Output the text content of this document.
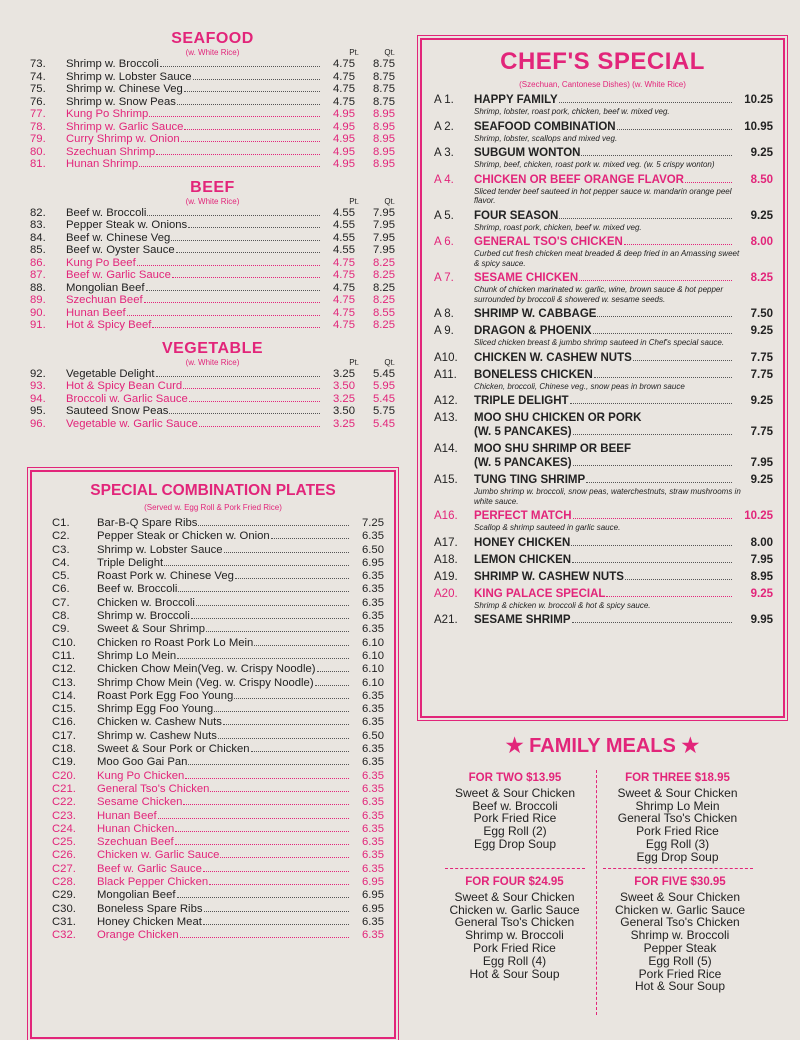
SEAFOOD
(w. White Rice)	Pt.	Qt.
73.	Shrimp w. Broccoli	4.75	8.75
74.	Shrimp w. Lobster Sauce	4.75	8.75
75.	Shrimp w. Chinese Veg	4.75	8.75
76.	Shrimp w. Snow Peas	4.75	8.75
77.	Kung Po Shrimp	4.95	8.95
78.	Shrimp w. Garlic Sauce	4.95	8.95
79.	Curry Shrimp w. Onion	4.95	8.95
80.	Szechuan Shrimp	4.95	8.95
81.	Hunan Shrimp	4.95	8.95
BEEF
(w. White Rice)	Pt.	Qt.
82.	Beef w. Broccoli	4.55	7.95
83.	Pepper Steak w. Onions	4.55	7.95
84.	Beef w. Chinese Veg	4.55	7.95
85.	Beef w. Oyster Sauce	4.55	7.95
86.	Kung Po Beef	4.75	8.25
87.	Beef w. Garlic Sauce	4.75	8.25
88.	Mongolian Beef	4.75	8.25
89.	Szechuan Beef	4.75	8.25
90.	Hunan Beef	4.75	8.55
91.	Hot & Spicy Beef	4.75	8.25
VEGETABLE
(w. White Rice)	Pt.	Qt.
92.	Vegetable Delight	3.25	5.45
93.	Hot & Spicy Bean Curd	3.50	5.95
94.	Broccoli w. Garlic Sauce	3.25	5.45
95.	Sauteed Snow Peas	3.50	5.75
96.	Vegetable w. Garlic Sauce	3.25	5.45
SPECIAL COMBINATION PLATES
(Served w. Egg Roll & Pork Fried Rice)
C1.	Bar-B-Q Spare Ribs	7.25
C2.	Pepper Steak or Chicken w. Onion	6.35
C3.	Shrimp w. Lobster Sauce	6.50
C4.	Triple Delight	6.95
C5.	Roast Pork w. Chinese Veg	6.35
C6.	Beef w. Broccoli	6.35
C7.	Chicken w. Broccoli	6.35
C8.	Shrimp w. Broccoli	6.35
C9.	Sweet & Sour Shrimp	6.35
C10.	Chicken ro Roast Pork Lo Mein	6.10
C11.	Shrimp Lo Mein	6.10
C12.	Chicken Chow Mein(Veg. w. Crispy Noodle)	6.10
C13.	Shrimp Chow Mein (Veg. w. Crispy Noodle)	6.10
C14.	Roast Pork Egg Foo Young	6.35
C15.	Shrimp Egg Foo Young	6.35
C16.	Chicken w. Cashew Nuts	6.35
C17.	Shrimp w. Cashew Nuts	6.50
C18.	Sweet & Sour Pork or Chicken	6.35
C19.	Moo Goo Gai Pan	6.35
C20.	Kung Po Chicken	6.35
C21.	General Tso's Chicken	6.35
C22.	Sesame Chicken	6.35
C23.	Hunan Beef	6.35
C24.	Hunan Chicken	6.35
C25.	Szechuan Beef	6.35
C26.	Chicken w. Garlic Sauce	6.35
C27.	Beef w. Garlic Sauce	6.35
C28.	Black Pepper Chicken	6.95
C29.	Mongolian Beef	6.95
C30.	Boneless Spare Ribs	6.95
C31.	Honey Chicken Meat	6.35
C32.	Orange Chicken	6.35
CHEF'S SPECIAL
(Szechuan, Cantonese Dishes) (w. White Rice)
A 1.	HAPPY FAMILY	10.25
Shrimp, lobster, roast pork, chicken, beef w. mixed veg.
A 2.	SEAFOOD COMBINATION	10.95
Shrimp, lobster, scallops and mixed veg.
A 3.	SUBGUM WONTON	9.25
Shrimp, beef, chicken, roast pork w. mixed veg. (w. 5 crispy wonton)
A 4.	CHICKEN OR BEEF ORANGE FLAVOR	8.50
Sliced tender beef sauteed in hot pepper sauce w. mandarin orange peel flavor.
A 5.	FOUR SEASON	9.25
Shrimp, roast pork, chicken, beef w. mixed veg.
A 6.	GENERAL TSO'S CHICKEN	8.00
Curbed cut fresh chicken meat breaded & deep fried in an Amassing sweet & spicy sauce.
A 7.	SESAME CHICKEN	8.25
Chunk of chicken marinated w. garlic, wine, brown sauce & hot pepper surrounded by broccoli & showered w. sesame seeds.
A 8.	SHRIMP W. CABBAGE	7.50
A 9.	DRAGON & PHOENIX	9.25
Sliced chicken breast & jumbo shrimp sauteed in Chef's special sauce.
A10.	CHICKEN W. CASHEW NUTS	7.75
A11.	BONELESS CHICKEN	7.75
Chicken, broccoli, Chinese veg., snow peas in brown sauce
A12.	TRIPLE DELIGHT	9.25
A13.	MOO SHU CHICKEN OR PORK
(W. 5 PANCAKES)	7.75
A14.	MOO SHU SHRIMP OR BEEF
(W. 5 PANCAKES)	7.95
A15.	TUNG TING SHRIMP	9.25
Jumbo shrimp w. broccoli, snow peas, waterchestnuts, straw mushrooms in white sauce.
A16.	PERFECT MATCH	10.25
Scallop & shrimp sauteed in garlic sauce.
A17.	HONEY CHICKEN	8.00
A18.	LEMON CHICKEN	7.95
A19.	SHRIMP W. CASHEW NUTS	8.95
A20.	KING PALACE SPECIAL	9.25
Shrimp & chicken w. broccoli & hot & spicy sauce.
A21.	SESAME SHRIMP	9.95
★ FAMILY MEALS ★
FOR TWO $13.95
Sweet & Sour Chicken
Beef w. Broccoli
Pork Fried Rice
Egg Roll (2)
Egg Drop Soup
FOR THREE $18.95
Sweet & Sour Chicken
Shrimp Lo Mein
General Tso's Chicken
Pork Fried Rice
Egg Roll (3)
Egg Drop Soup
FOR FOUR $24.95
Sweet & Sour Chicken
Chicken w. Garlic Sauce
General Tso's Chicken
Shrimp w. Broccoli
Pork Fried Rice
Egg Roll (4)
Hot & Sour Soup
FOR FIVE $30.95
Sweet & Sour Chicken
Chicken w. Garlic Sauce
General Tso's Chicken
Shrimp w. Broccoli
Pepper Steak
Egg Roll (5)
Pork Fried Rice
Hot & Sour Soup
